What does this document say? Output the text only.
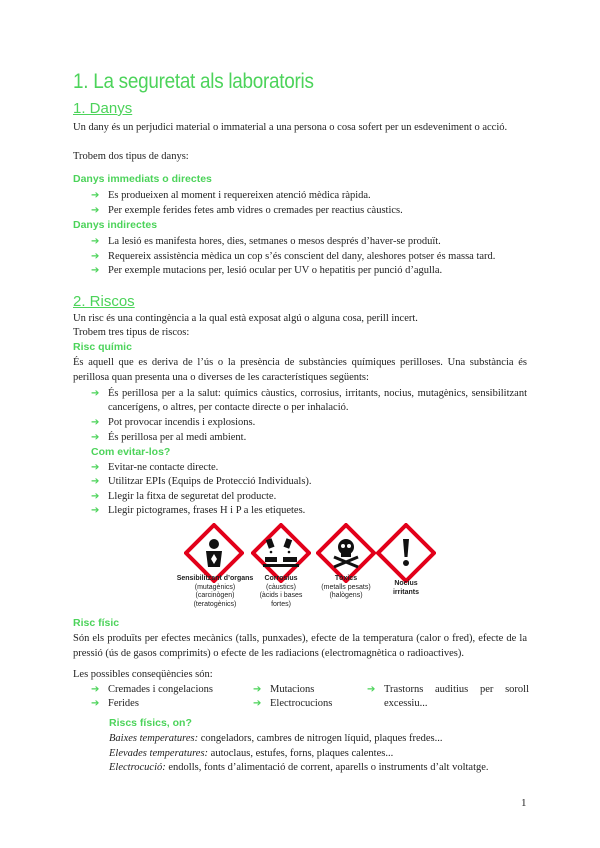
1. La seguretat als laboratoris
1. Danys
Un dany és un perjudici material o immaterial a una persona o cosa sofert per un esdeveniment o acció.
Trobem dos tipus de danys:
Danys immediats o directes
➔ Es produeixen al moment i requereixen atenció mèdica ràpida.
➔ Per exemple ferides fetes amb vidres o cremades per reactius càustics.
Danys indirectes
➔ La lesió es manifesta hores, dies, setmanes o mesos després d’haver-se produït.
➔ Requereix assistència mèdica un cop s’és conscient del dany, aleshores potser és massa tard.
➔ Per exemple mutacions per, lesió ocular per UV o hepatitis per punció d’agulla.
2. Riscos
Un risc és una contingència a la qual està exposat algú o alguna cosa, perill incert.
Trobem tres tipus de riscos:
Risc químic
És aquell que es deriva de l’ús o la presència de substàncies químiques perilloses. Una substància és perillosa quan presenta una o diverses de les característiques següents:
➔ És perillosa per a la salut: químics càustics, corrosius, irritants, nocius, mutagènics, sensibilitzant cancerígens, o altres, per contacte directe o per inhalació.
➔ Pot provocar incendis i explosions.
➔ És perillosa per al medi ambient.
Com evitar-los?
➔ Evitar-ne contacte directe.
➔ Utilitzar EPIs (Equips de Protecció Individuals).
➔ Llegir la fitxa de seguretat del producte.
➔ Llegir pictogrames, frases H i P a les etiquetes.
Sensibilitzant d’organs
(mutagènics)
(carcinògen)
(teratogènics)
Corrosius
(càustics)
(àcids i bases
fortes)
Tòxics
(metalls pesats)
(halògens)
Nocius
irritants
Risc físic
Són els produïts per efectes mecànics (talls, punxades), efecte de la temperatura (calor o fred), efecte de la pressió (ús de gasos comprimits) o efecte de les radiacions (electromagnètica o radioactives).
Les possibles conseqüències són:
➔ Cremades i congelacions
➔ Ferides
➔ Mutacions
➔ Electrocucions
➔ Trastorns auditius per soroll excessiu...
Riscs físics, on?
Baixes temperatures: congeladors, cambres de nitrogen líquid, plaques fredes...
Elevades temperatures: autoclaus, estufes, forns, plaques calentes...
Electrocució: endolls, fonts d’alimentació de corrent, aparells o instruments d’alt voltatge.
1
